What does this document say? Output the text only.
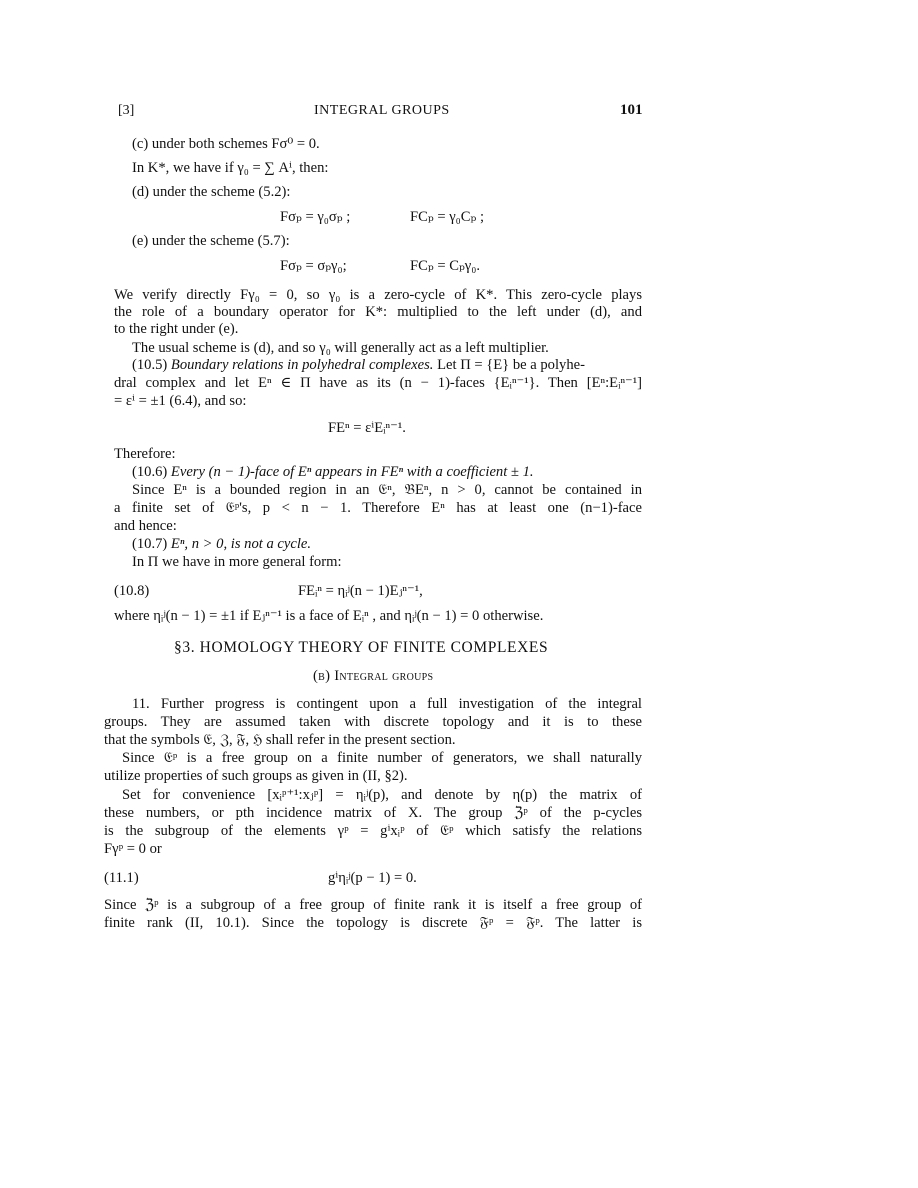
[3]	INTEGRAL GROUPS	101
(c) under both schemes Fσ⁰ = 0.
In K*, we have if γ₀ = ∑ Aⁱ, then:
(d) under the scheme (5.2):
Fσₚ = γ₀σₚ ;	FCₚ = γ₀Cₚ ;
(e) under the scheme (5.7):
Fσₚ = σₚγ₀;	FCₚ = Cₚγ₀.
We verify directly Fγ₀ = 0, so γ₀ is a zero-cycle of K*. This zero-cycle plays
the role of a boundary operator for K*: multiplied to the left under (d), and
to the right under (e).
The usual scheme is (d), and so γ₀ will generally act as a left multiplier.
(10.5) Boundary relations in polyhedral complexes. Let Π = {E} be a polyhe-
dral complex and let Eⁿ ∈ Π have as its (n − 1)-faces {Eᵢⁿ⁻¹}. Then [Eⁿ:Eᵢⁿ⁻¹]
= εⁱ = ±1 (6.4), and so:
FEⁿ = εⁱEᵢⁿ⁻¹.
Therefore:
(10.6) Every (n − 1)-face of Eⁿ appears in FEⁿ with a coefficient ± 1.
Since Eⁿ is a bounded region in an 𝔈ⁿ, 𝔅Eⁿ, n > 0, cannot be contained in
a finite set of 𝔈ᵖ's, p < n − 1. Therefore Eⁿ has at least one (n−1)-face
and hence:
(10.7) Eⁿ, n > 0, is not a cycle.
In Π we have in more general form:
(10.8)	FEᵢⁿ = ηᵢʲ(n − 1)Eⱼⁿ⁻¹,
where ηᵢʲ(n − 1) = ±1 if Eⱼⁿ⁻¹ is a face of Eᵢⁿ , and ηᵢʲ(n − 1) = 0 otherwise.
§3. HOMOLOGY THEORY OF FINITE COMPLEXES
(b) Integral groups
11. Further progress is contingent upon a full investigation of the integral
groups. They are assumed taken with discrete topology and it is to these
that the symbols 𝔈, ℨ, 𝔉, ℌ shall refer in the present section.
Since 𝔈ᵖ is a free group on a finite number of generators, we shall naturally
utilize properties of such groups as given in (II, §2).
Set for convenience [xᵢᵖ⁺¹:xⱼᵖ] = ηᵢʲ(p), and denote by η(p) the matrix of
these numbers, or pth incidence matrix of X. The group ℨᵖ of the p-cycles
is the subgroup of the elements γᵖ = gⁱxᵢᵖ of 𝔈ᵖ which satisfy the relations
Fγᵖ = 0 or
(11.1)	gⁱηᵢʲ(p − 1) = 0.
Since ℨᵖ is a subgroup of a free group of finite rank it is itself a free group of
finite rank (II, 10.1). Since the topology is discrete 𝔉ᵖ = 𝔉ᵖ. The latter is
